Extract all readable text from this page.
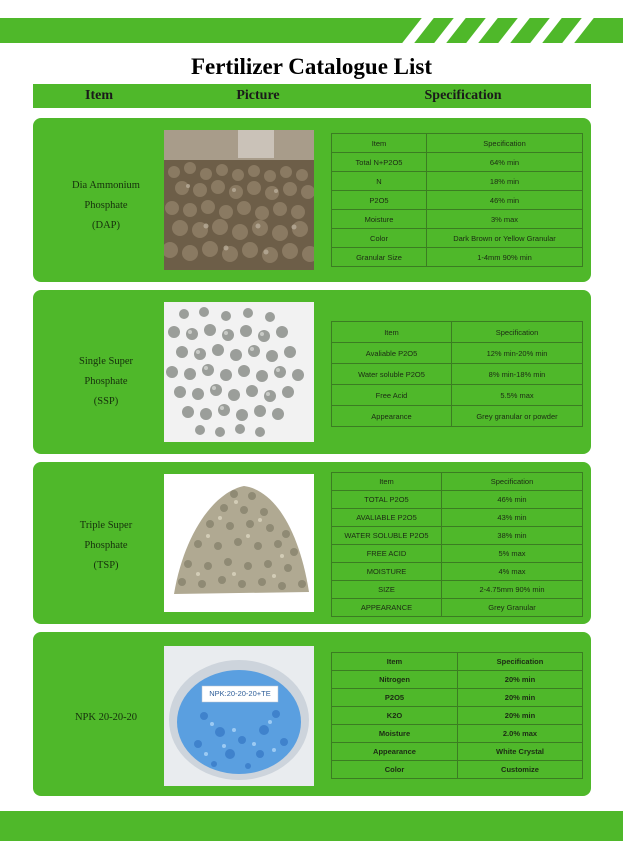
Fertilizer Catalogue List
Item	Picture	Specification
Dia Ammonium
Phosphate
(DAP)
Item	Specification
Total N+P2O5	64% min
N	18% min
P2O5	46% min
Moisture	3% max
Color	Dark Brown or Yellow Granular
Granular Size	1-4mm 90% min
Single Super
Phosphate
(SSP)
Item	Specification
Avaliable P2O5	12% min-20% min
Water soluble P2O5	8% min-18% min
Free Acid	5.5% max
Appearance	Grey granular or powder
Triple Super
Phosphate
(TSP)
Item	Specification
TOTAL P2O5	46% min
AVALIABLE P2O5	43% min
WATER SOLUBLE P2O5	38% min
FREE ACID	5% max
MOISTURE	4% max
SIZE	2-4.75mm 90% min
APPEARANCE	Grey Granular
NPK 20-20-20
NPK:20-20-20+TE
Item	Specification
Nitrogen	20% min
P2O5	20% min
K2O	20% min
Moisture	2.0% max
Appearance	White Crystal
Color	Customize
